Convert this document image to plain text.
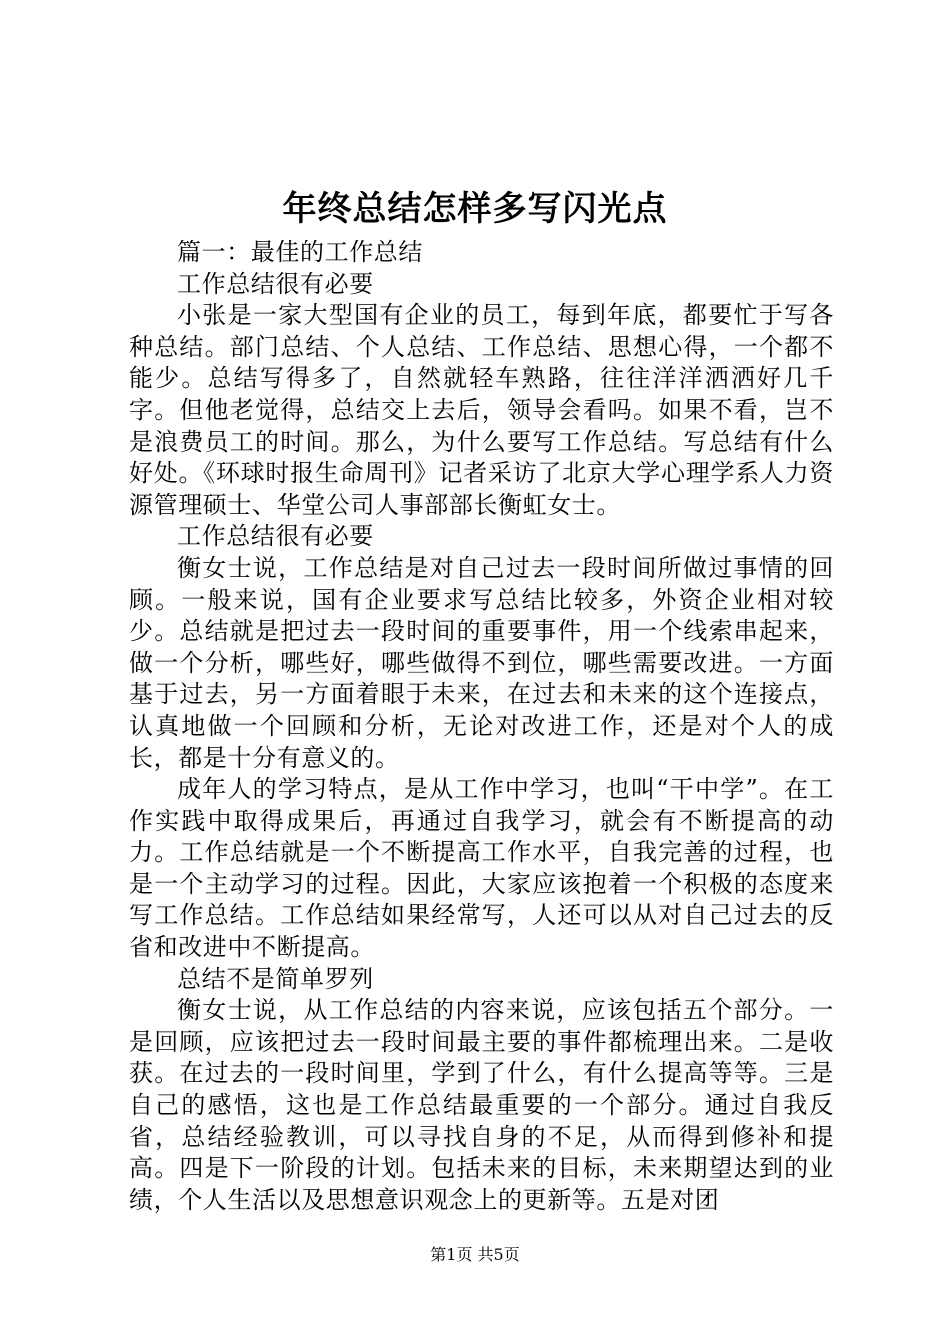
年终总结怎样多写闪光点

篇一：最佳的工作总结

工作总结很有必要

小张是一家大型国有企业的员工，每到年底，都要忙于写各种总结。部门总结、个人总结、工作总结、思想心得，一个都不能少。总结写得多了，自然就轻车熟路，往往洋洋洒洒好几千字。但他老觉得，总结交上去后，领导会看吗。如果不看，岂不是浪费员工的时间。那么，为什么要写工作总结。写总结有什么好处。《环球时报生命周刊》记者采访了北京大学心理学系人力资源管理硕士、华堂公司人事部部长衡虹女士。

工作总结很有必要

衡女士说，工作总结是对自己过去一段时间所做过事情的回顾。一般来说，国有企业要求写总结比较多，外资企业相对较少。总结就是把过去一段时间的重要事件，用一个线索串起来，做一个分析，哪些好，哪些做得不到位，哪些需要改进。一方面基于过去，另一方面着眼于未来，在过去和未来的这个连接点，认真地做一个回顾和分析，无论对改进工作，还是对个人的成长，都是十分有意义的。

成年人的学习特点，是从工作中学习，也叫“干中学”。在工作实践中取得成果后，再通过自我学习，就会有不断提高的动力。工作总结就是一个不断提高工作水平，自我完善的过程，也是一个主动学习的过程。因此，大家应该抱着一个积极的态度来写工作总结。工作总结如果经常写，人还可以从对自己过去的反省和改进中不断提高。

总结不是简单罗列

衡女士说，从工作总结的内容来说，应该包括五个部分。一是回顾，应该把过去一段时间最主要的事件都梳理出来。二是收获。在过去的一段时间里，学到了什么，有什么提高等等。三是自己的感悟，这也是工作总结最重要的一个部分。通过自我反省，总结经验教训，可以寻找自身的不足，从而得到修补和提高。四是下一阶段的计划。包括未来的目标，未来期望达到的业绩，个人生活以及思想意识观念上的更新等。五是对团

第1页 共5页
